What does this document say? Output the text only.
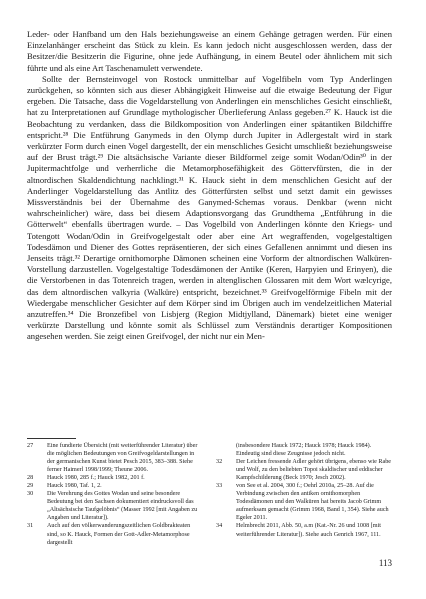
Leder- oder Hanfband um den Hals beziehungsweise an einem Gehänge getragen werden. Für einen Einzelanhänger erscheint das Stück zu klein. Es kann jedoch nicht ausgeschlossen werden, dass der Besitzer/die Besitzerin die Figurine, ohne jede Aufhängung, in einem Beutel oder ähnlichem mit sich führte und als eine Art Taschenamulett verwendete.

Sollte der Bernsteinvogel von Rostock unmittelbar auf Vogelfibeln vom Typ Anderlingen zurückgehen, so könnten sich aus dieser Abhängigkeit Hinweise auf die etwaige Bedeutung der Figur ergeben. Die Tatsache, dass die Vogeldarstellung von Anderlingen ein menschliches Gesicht einschließt, hat zu Interpretationen auf Grundlage mythologischer Überlieferung Anlass gegeben.²⁷ K. Hauck ist die Beobachtung zu verdanken, dass die Bildkomposition von Anderlingen einer spätantiken Bildchiffre entspricht.²⁸ Die Entführung Ganymeds in den Olymp durch Jupiter in Adlergestalt wird in stark verkürzter Form durch einen Vogel dargestellt, der ein menschliches Gesicht umschließt beziehungsweise auf der Brust trägt.²⁹ Die altsächsische Variante dieser Bildformel zeige somit Wodan/Odin³⁰ in der Jupitermachtfolge und verherrliche die Metamorphosefähigkeit des Göttervfürsten, die in der altnordischen Skaldendichtung nachklingt.³¹ K. Hauck sieht in dem menschlichen Gesicht auf der Anderlinger Vogeldarstellung das Antlitz des Götterfürsten selbst und setzt damit ein gewisses Missverständnis bei der Übernahme des Ganymed-Schemas voraus. Denkbar (wenn nicht wahrscheinlicher) wäre, dass bei diesem Adaptionsvorgang das Grundthema „Entführung in die Götterwelt“ ebenfalls übertragen wurde. – Das Vogelbild von Anderlingen könnte den Kriegs- und Totengott Wodan/Odin in Greifvogelgestalt oder aber eine Art wegraffenden, vogelgestaltigen Todesdämon und Diener des Gottes repräsentieren, der sich eines Gefallenen annimmt und diesen ins Jenseits trägt.³² Derartige ornithomorphe Dämonen scheinen eine Vorform der altnordischen Walküren-Vorstellung darzustellen. Vogelgestaltige Todesdämonen der Antike (Keren, Harpyien und Erinyen), die die Verstorbenen in das Totenreich tragen, werden in altenglischen Glossaren mit dem Wort wælcyrige, das dem altnordischen valkyria (Walküre) entspricht, bezeichnet.³³ Greifvogelförmige Fibeln mit der Wiedergabe menschlicher Gesichter auf dem Körper sind im Übrigen auch im vendelzeitlichen Material anzutreffen.³⁴ Die Bronzefibel von Lisbjerg (Region Midtjylland, Dänemark) bietet eine weniger verkürzte Darstellung und könnte somit als Schlüssel zum Verständnis derartiger Kompositionen angesehen werden. Sie zeigt einen Greifvogel, der nicht nur ein Men-

27	Eine fundierte Übersicht (mit weiterführender Literatur) über die möglichen Bedeutungen von Greifvogeldarstellungen in der germanischen Kunst bietet Pesch 2015, 383–388. Siehe ferner Haimerl 1998/1999; Theune 2006.
28	Hauck 1980, 285 f.; Hauck 1982, 201 f.
29	Hauck 1980, Taf. 1, 2.
30	Die Verehrung des Gottes Wodan und seine besondere Bedeutung bei den Sachsen dokumentiert eindrucksvoll das „Altsächsische Taufgelöbnis“ (Masser 1992 [mit Angaben zu Angaben und Literatur]).
31	Auch auf den völkerwanderungszeitlichen Goldbrakteaten sind, so K. Hauck, Formen der Gott-Adler-Metamorphose dargestellt
(insbesondere Hauck 1972; Hauck 1978; Hauck 1984). Eindeutig sind diese Zeugnisse jedoch nicht.
32	Der Leichen fressende Adler gehört übrigens, ebenso wie Rabe und Wolf, zu den beliebten Topoi skaldischer und eddischer Kampfschilderung (Beck 1970; Jesch 2002).
33	von See et al. 2004, 300 f.; Oehrl 2010a, 25–28. Auf die Verbindung zwischen den antiken ornithomorphen Todesdämonen und den Walküren hat bereits Jacob Grimm aufmerksam gemacht (Grimm 1968, Band 1, 354). Siehe auch Egeler 2011.
34	Helmbrecht 2011, Abb. 50, a.m (Kat.-Nr. 26 und 1008 [mit weiterführender Literatur]). Siehe auch Genrich 1967, 111.
113
